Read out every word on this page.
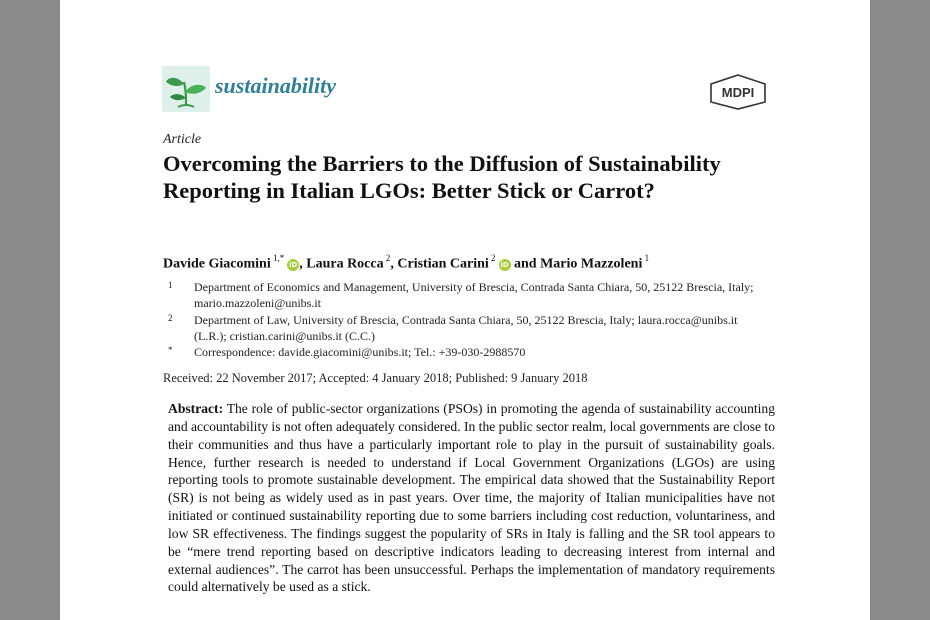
sustainability	MDPI
Article
Overcoming the Barriers to the Diffusion of Sustainability Reporting in Italian LGOs: Better Stick or Carrot?
Davide Giacomini $^{1,*}$iD , Laura Rocca $^2$, Cristian Carini $^2$iD and Mario Mazzoleni $^1$
1 Department of Economics and Management, University of Brescia, Contrada Santa Chiara, 50, 25122 Brescia, Italy; mario.mazzoleni@unibs.it
2 Department of Law, University of Brescia, Contrada Santa Chiara, 50, 25122 Brescia, Italy; laura.rocca@unibs.it (L.R.); cristian.carini@unibs.it (C.C.)
* Correspondence: davide.giacomini@unibs.it; Tel.: +39-030-2988570
Received: 22 November 2017; Accepted: 4 January 2018; Published: 9 January 2018

Abstract: The role of public-sector organizations (PSOs) in promoting the agenda of sustainability accounting and accountability is not often adequately considered. In the public sector realm, local governments are close to their communities and thus have a particularly important role to play in the pursuit of sustainability goals. Hence, further research is needed to understand if Local Government Organizations (LGOs) are using reporting tools to promote sustainable development. The empirical data showed that the Sustainability Report (SR) is not being as widely used as in past years. Over time, the majority of Italian municipalities have not initiated or continued sustainability reporting due to some barriers including cost reduction, voluntariness, and low SR effectiveness. The findings suggest the popularity of SRs in Italy is falling and the SR tool appears to be “mere trend reporting based on descriptive indicators leading to decreasing interest from internal and external audiences”. The carrot has been unsuccessful. Perhaps the implementation of mandatory requirements could alternatively be used as a stick.
